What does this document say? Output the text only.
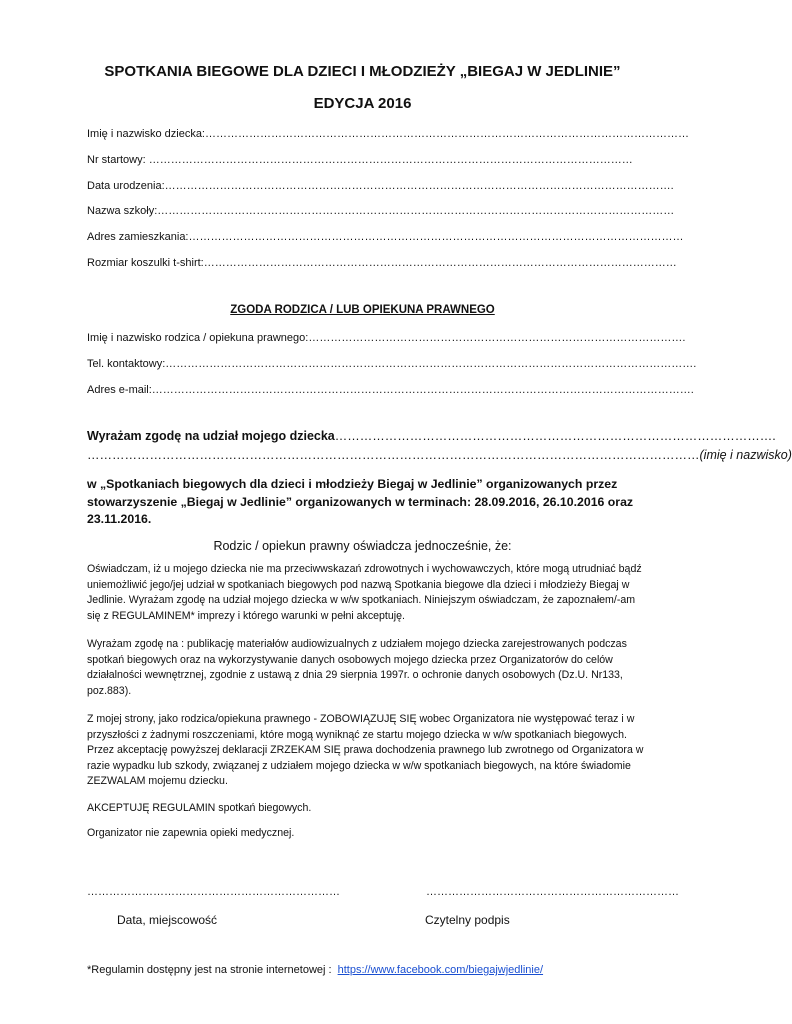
SPOTKANIA BIEGOWE DLA DZIECI I MŁODZIEŻY „BIEGAJ W JEDLINIE”
EDYCJA 2016
Imię i nazwisko dziecka:……………………………………………………………………………………………………………………
Nr startowy: ……………………………………………………………………………………………………………………
Data urodzenia:………………………………………………………………………………………………………………………….
Nazwa szkoły:……………………………………………………………………………………………………………………………
Adres zamieszkania:………………………………………………………………………………………………………………………
Rozmiar koszulki t-shirt:…………………………………………………………………………………………………………………
ZGODA RODZICA / LUB OPIEKUNA PRAWNEGO
Imię i nazwisko rodzica / opiekuna prawnego:………………………………………………………………………………………….
Tel. kontaktowy:……………………………………………………………………………………………………………………………….
Adres e-mail:………………………………………………………………………………………………………………………………….
Wyrażam zgodę na udział mojego dziecka…………………………………………………………………………………………….
…………………………………………………………………………………………………………………………………(imię i nazwisko)
w „Spotkaniach biegowych dla dzieci i młodzieży Biegaj w Jedlinie” organizowanych przez stowarzyszenie „Biegaj w Jedlinie” organizowanych w terminach: 28.09.2016, 26.10.2016 oraz 23.11.2016.
Rodzic / opiekun prawny oświadcza jednocześnie, że:
Oświadczam, iż u mojego dziecka nie ma przeciwwskazań zdrowotnych i wychowawczych, które mogą utrudniać bądź uniemożliwić jego/jej udział w spotkaniach biegowych pod nazwą Spotkania biegowe dla dzieci i młodzieży Biegaj w Jedlinie. Wyrażam zgodę na udział mojego dziecka w w/w spotkaniach. Niniejszym oświadczam, że zapoznałem/-am się z REGULAMINEM* imprezy i którego warunki w pełni akceptuję.
Wyrażam zgodę na : publikację materiałów audiowizualnych z udziałem mojego dziecka zarejestrowanych podczas spotkań biegowych oraz na wykorzystywanie danych osobowych mojego dziecka przez Organizatorów do celów działalności wewnętrznej, zgodnie z ustawą z dnia 29 sierpnia 1997r. o ochronie danych osobowych (Dz.U. Nr133, poz.883).
Z mojej strony, jako rodzica/opiekuna prawnego - ZOBOWIĄZUJĘ SIĘ wobec Organizatora nie występować teraz i w przyszłości z żadnymi roszczeniami, które mogą wyniknąć ze startu mojego dziecka w w/w spotkaniach biegowych. Przez akceptację powyższej deklaracji ZRZEKAM SIĘ prawa dochodzenia prawnego lub zwrotnego od Organizatora w razie wypadku lub szkody, związanej z udziałem mojego dziecka w w/w spotkaniach biegowych, na które świadomie ZEZWALAM mojemu dziecku.
AKCEPTUJĘ REGULAMIN spotkań biegowych.
Organizator nie zapewnia opieki medycznej.
……………………………………………………………	……………………………………………………………
Data, miejscowość	Czytelny podpis
*Regulamin dostępny jest na stronie internetowej : https://www.facebook.com/biegajwjedlinie/
